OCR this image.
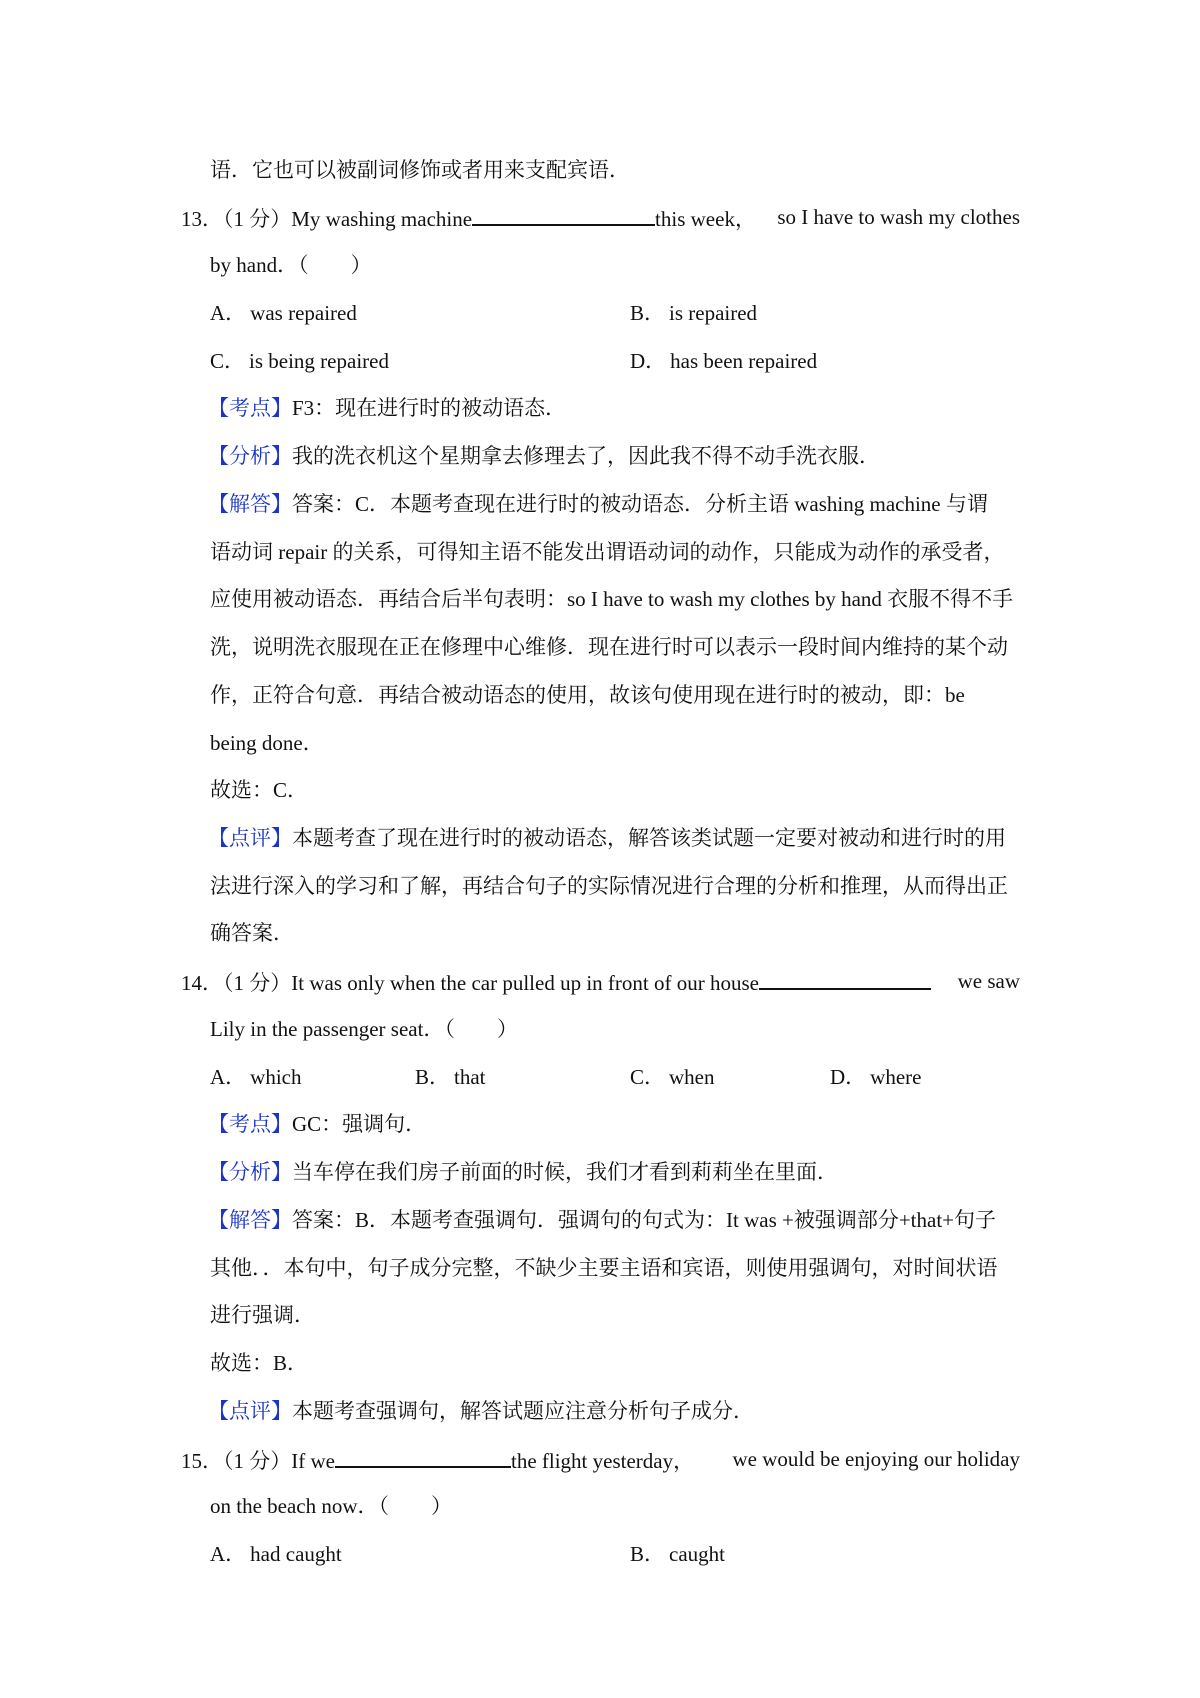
语．它也可以被副词修饰或者用来支配宾语．
13．（1 分）My washing machine	this week， so I have to wash my clothes
by hand．（　　）
A． was repaired	B． is repaired
C． is being repaired	D． has been repaired
【考点】F3：现在进行时的被动语态．
【分析】我的洗衣机这个星期拿去修理去了，因此我不得不动手洗衣服．
【解答】答案：C．本题考查现在进行时的被动语态．分析主语 washing machine 与谓
语动词 repair 的关系，可得知主语不能发出谓语动词的动作，只能成为动作的承受者，
应使用被动语态．再结合后半句表明：so I have to wash my clothes by hand 衣服不得不手
洗，说明洗衣服现在正在修理中心维修．现在进行时可以表示一段时间内维持的某个动
作，正符合句意．再结合被动语态的使用，故该句使用现在进行时的被动，即：be
being done．
故选：C．
【点评】本题考查了现在进行时的被动语态，解答该类试题一定要对被动和进行时的用
法进行深入的学习和了解，再结合句子的实际情况进行合理的分析和推理，从而得出正
确答案．
14．（1 分）It was only when the car pulled up in front of our house	we saw
Lily in the passenger seat．（　　）
A． which	B． that	C． when	D． where
【考点】GC：强调句．
【分析】当车停在我们房子前面的时候，我们才看到莉莉坐在里面．
【解答】答案：B．本题考查强调句．强调句的句式为：It was +被强调部分+that+句子
其他．．本句中，句子成分完整，不缺少主要主语和宾语，则使用强调句，对时间状语
进行强调．
故选：B．
【点评】本题考查强调句，解答试题应注意分析句子成分．
15．（1 分）If we	the flight yesterday， we would be enjoying our holiday
on the beach now．（　　）
A． had caught	B． caught
